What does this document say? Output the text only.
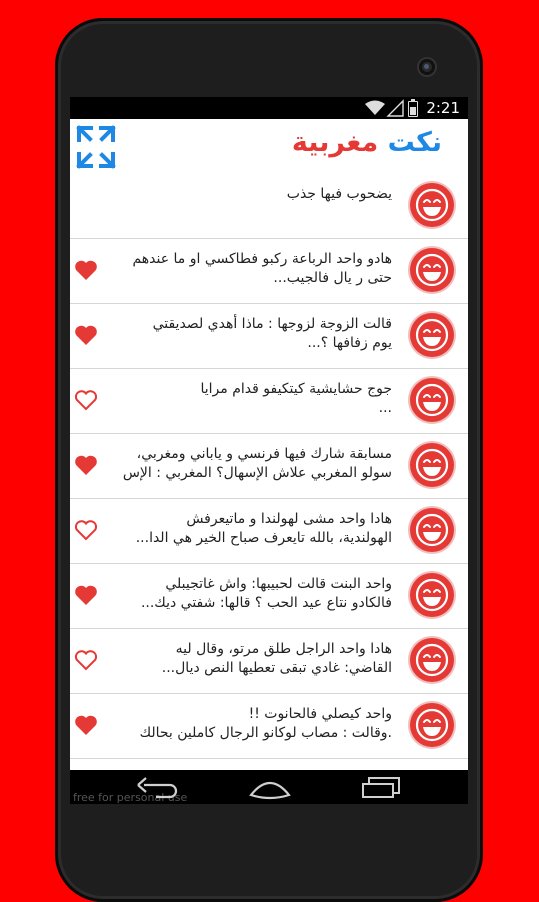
2:21
نكت مغربية
يضحوب فيها جذب
هادو واحد الرباعة ركبو فطاكسي او ما عندهم
حتى ر يال فالجيب...
قالت الزوجة لزوجها : ماذا أهدي لصديقتي
يوم زفافها ؟...
جوج حشايشية كيتكيفو قدام مرايا
...
مسابقة شارك فيها فرنسي و ياباني ومغربي،
سولو المغربي علاش الإسهال؟ المغربي : الإس
هادا واحد مشى لهولندا و ماتيعرفش
الهولندية، بالله تايعرف صباح الخير هي الدا...
واحد البنت قالت لحبيبها: واش غاتجيبلي
فالكادو نتاع عيد الحب ؟ قالها: شفتي ديك...
هادا واحد الراجل طلق مرتو، وقال ليه
القاضي: غادي تبقى تعطيها النص ديال...
واحد كيصلي فالحانوت !!
.وقالت : مصاب لوكانو الرجال كاملين بحالك
free for personal use
